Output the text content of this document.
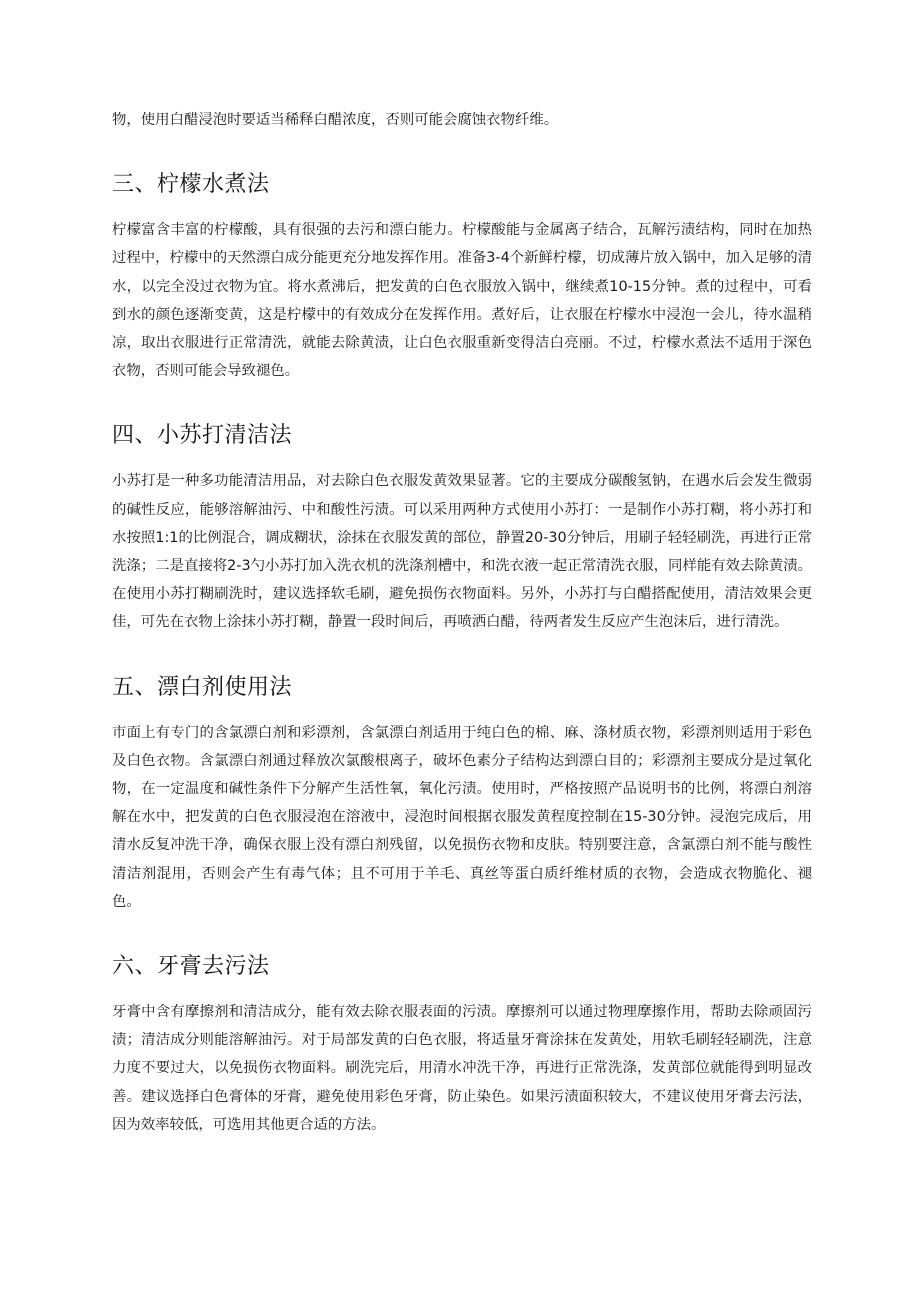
物，使用白醋浸泡时要适当稀释白醋浓度，否则可能会腐蚀衣物纤维。

三、柠檬水煮法

柠檬富含丰富的柠檬酸，具有很强的去污和漂白能力。柠檬酸能与金属离子结合，瓦解污渍结构，同时在加热过程中，柠檬中的天然漂白成分能更充分地发挥作用。准备3-4个新鲜柠檬，切成薄片放入锅中，加入足够的清水，以完全没过衣物为宜。将水煮沸后，把发黄的白色衣服放入锅中，继续煮10-15分钟。煮的过程中，可看到水的颜色逐渐变黄，这是柠檬中的有效成分在发挥作用。煮好后，让衣服在柠檬水中浸泡一会儿，待水温稍凉，取出衣服进行正常清洗，就能去除黄渍，让白色衣服重新变得洁白亮丽。不过，柠檬水煮法不适用于深色衣物，否则可能会导致褪色。

四、小苏打清洁法

小苏打是一种多功能清洁用品，对去除白色衣服发黄效果显著。它的主要成分碳酸氢钠，在遇水后会发生微弱的碱性反应，能够溶解油污、中和酸性污渍。可以采用两种方式使用小苏打：一是制作小苏打糊，将小苏打和水按照1:1的比例混合，调成糊状，涂抹在衣服发黄的部位，静置20-30分钟后，用刷子轻轻刷洗，再进行正常洗涤；二是直接将2-3勺小苏打加入洗衣机的洗涤剂槽中，和洗衣液一起正常清洗衣服，同样能有效去除黄渍。在使用小苏打糊刷洗时，建议选择软毛刷，避免损伤衣物面料。另外，小苏打与白醋搭配使用，清洁效果会更佳，可先在衣物上涂抹小苏打糊，静置一段时间后，再喷洒白醋，待两者发生反应产生泡沫后，进行清洗。

五、漂白剂使用法

市面上有专门的含氯漂白剂和彩漂剂，含氯漂白剂适用于纯白色的棉、麻、涤材质衣物，彩漂剂则适用于彩色及白色衣物。含氯漂白剂通过释放次氯酸根离子，破坏色素分子结构达到漂白目的；彩漂剂主要成分是过氧化物，在一定温度和碱性条件下分解产生活性氧，氧化污渍。使用时，严格按照产品说明书的比例，将漂白剂溶解在水中，把发黄的白色衣服浸泡在溶液中，浸泡时间根据衣服发黄程度控制在15-30分钟。浸泡完成后，用清水反复冲洗干净，确保衣服上没有漂白剂残留，以免损伤衣物和皮肤。特别要注意，含氯漂白剂不能与酸性清洁剂混用，否则会产生有毒气体；且不可用于羊毛、真丝等蛋白质纤维材质的衣物，会造成衣物脆化、褪色。

六、牙膏去污法

牙膏中含有摩擦剂和清洁成分，能有效去除衣服表面的污渍。摩擦剂可以通过物理摩擦作用，帮助去除顽固污渍；清洁成分则能溶解油污。对于局部发黄的白色衣服，将适量牙膏涂抹在发黄处，用软毛刷轻轻刷洗，注意力度不要过大，以免损伤衣物面料。刷洗完后，用清水冲洗干净，再进行正常洗涤，发黄部位就能得到明显改善。建议选择白色膏体的牙膏，避免使用彩色牙膏，防止染色。如果污渍面积较大，不建议使用牙膏去污法，因为效率较低，可选用其他更合适的方法。
